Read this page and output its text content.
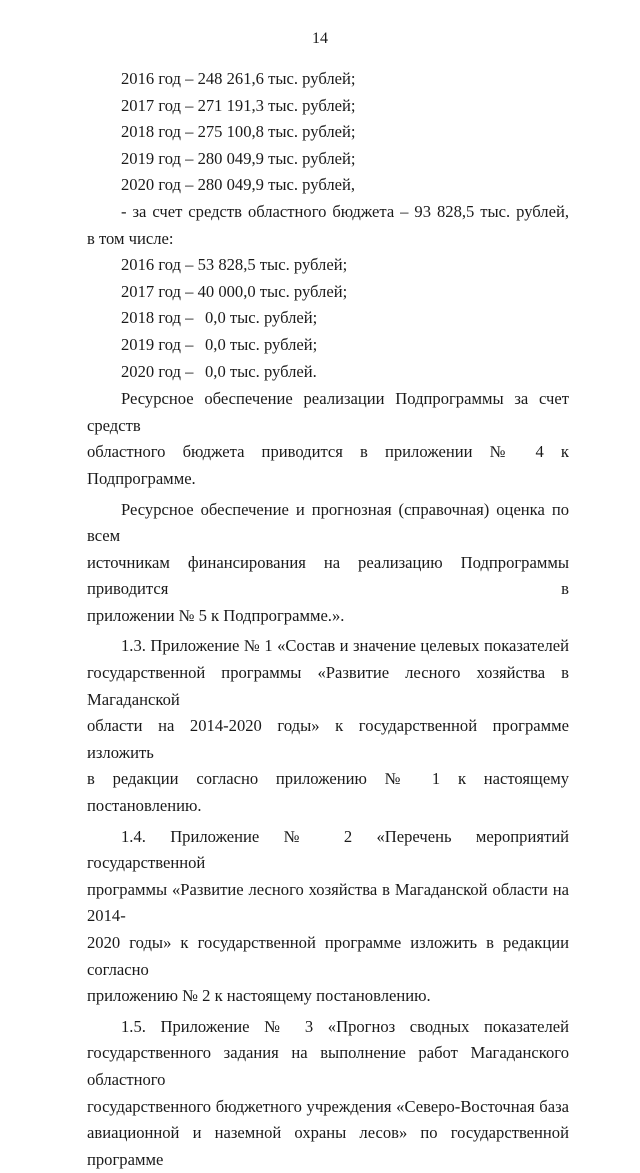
14
2016 год – 248 261,6 тыс. рублей;
2017 год – 271 191,3 тыс. рублей;
2018 год – 275 100,8 тыс. рублей;
2019 год – 280 049,9 тыс. рублей;
2020 год – 280 049,9 тыс. рублей,
- за счет средств областного бюджета – 93 828,5 тыс. рублей,
в том числе:
2016 год – 53 828,5 тыс. рублей;
2017 год – 40 000,0 тыс. рублей;
2018 год – 0,0 тыс. рублей;
2019 год – 0,0 тыс. рублей;
2020 год – 0,0 тыс. рублей.
Ресурсное обеспечение реализации Подпрограммы за счет средств
областного бюджета приводится в приложении № 4 к Подпрограмме.
Ресурсное обеспечение и прогнозная (справочная) оценка по всем
источникам финансирования на реализацию Подпрограммы приводится в
приложении № 5 к Подпрограмме.».
1.3. Приложение № 1 «Состав и значение целевых показателей
государственной программы «Развитие лесного хозяйства в Магаданской
области на 2014-2020 годы» к государственной программе изложить
в редакции согласно приложению № 1 к настоящему постановлению.
1.4. Приложение № 2 «Перечень мероприятий государственной
программы «Развитие лесного хозяйства в Магаданской области на 2014-
2020 годы» к государственной программе изложить в редакции согласно
приложению № 2 к настоящему постановлению.
1.5. Приложение № 3 «Прогноз сводных показателей
государственного задания на выполнение работ Магаданского областного
государственного бюджетного учреждения «Северо-Восточная база
авиационной и наземной охраны лесов» по государственной программе
